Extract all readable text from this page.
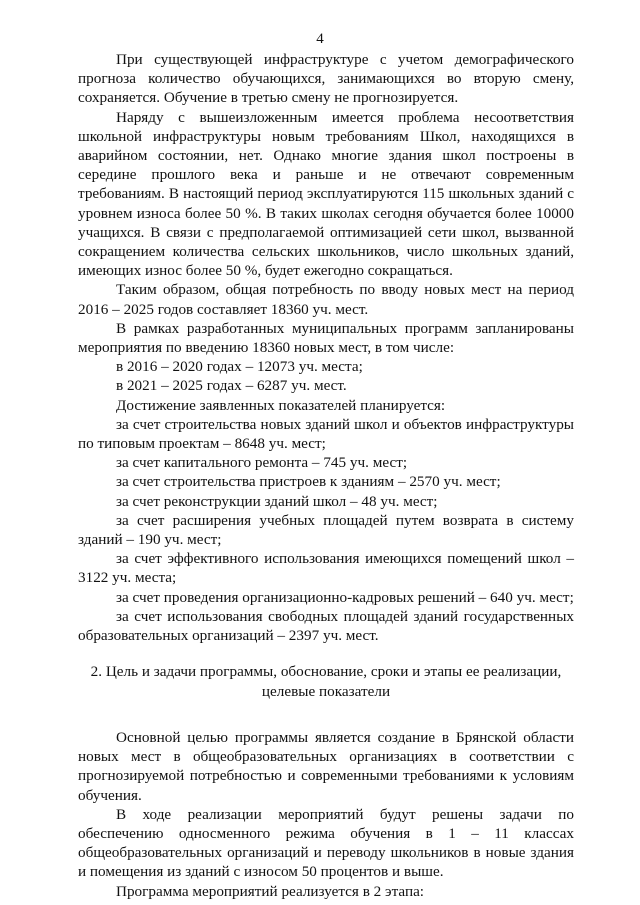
4

При существующей инфраструктуре с учетом демографического прогноза количество обучающихся, занимающихся во вторую смену, сохраняется. Обучение в третью смену не прогнозируется.

Наряду с вышеизложенным имеется проблема несоответствия школьной инфраструктуры новым требованиям Школ, находящихся в аварийном состоянии, нет. Однако многие здания школ построены в середине прошлого века и раньше и не отвечают современным требованиям. В настоящий период эксплуатируются 115 школьных зданий с уровнем износа более 50 %. В таких школах сегодня обучается более 10000 учащихся. В связи с предполагаемой оптимизацией сети школ, вызванной сокращением количества сельских школьников, число школьных зданий, имеющих износ более 50 %, будет ежегодно сокращаться.

Таким образом, общая потребность по вводу новых мест на период 2016 – 2025 годов составляет 18360 уч. мест.

В рамках разработанных муниципальных программ запланированы мероприятия по введению 18360 новых мест, в том числе:

в 2016 – 2020 годах – 12073 уч. места;

в 2021 – 2025 годах – 6287 уч. мест.

Достижение заявленных показателей планируется:

за счет строительства новых зданий школ и объектов инфраструктуры по типовым проектам – 8648 уч. мест;

за счет капитального ремонта – 745 уч. мест;

за счет строительства пристроев к зданиям – 2570 уч. мест;

за счет реконструкции зданий школ – 48 уч. мест;

за счет расширения учебных площадей путем возврата в систему зданий – 190 уч. мест;

за счет эффективного использования имеющихся помещений школ – 3122 уч. места;

за счет проведения организационно-кадровых решений – 640 уч. мест;

за счет использования свободных площадей зданий государственных образовательных организаций – 2397 уч. мест.

2. Цель и задачи программы, обоснование, сроки и этапы ее реализации, целевые показатели

Основной целью программы является создание в Брянской области новых мест в общеобразовательных организациях в соответствии с прогнозируемой потребностью и современными требованиями к условиям обучения.

В ходе реализации мероприятий будут решены задачи по обеспечению односменного режима обучения в 1 – 11 классах общеобразовательных организаций и переводу школьников в новые здания и помещения из зданий с износом 50 процентов и выше.

Программа мероприятий реализуется в 2 этапа:
